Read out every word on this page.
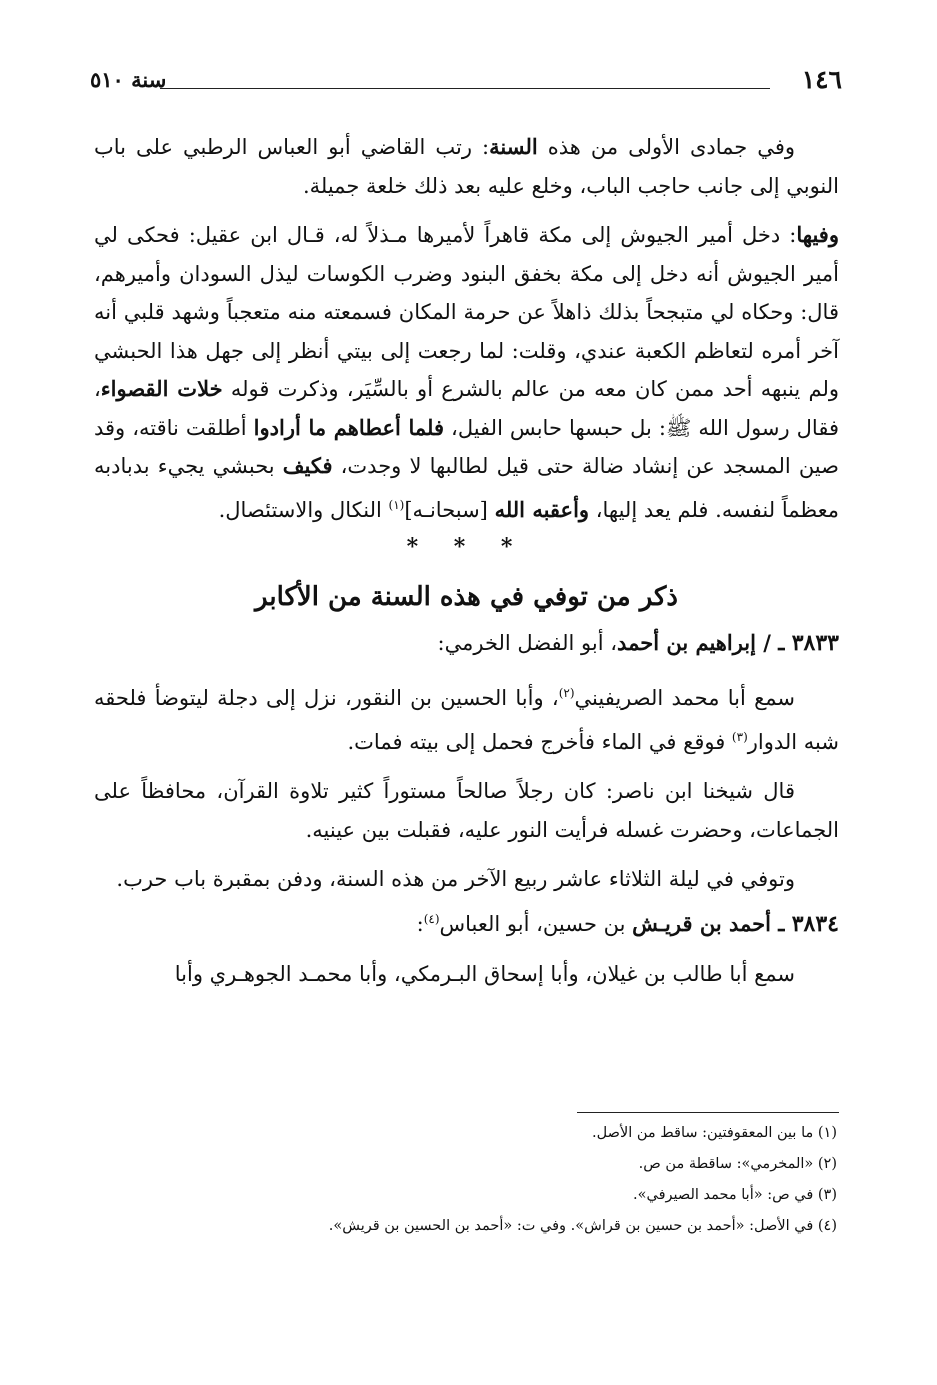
١٤٦
سنة ٥١٠

وفي جمادى الأولى من هذه السنة: رتب القاضي أبو العباس الرطبي على باب النوبي إلى جانب حاجب الباب، وخلع عليه بعد ذلك خلعة جميلة.

وفيها: دخل أمير الجيوش إلى مكة قاهراً لأميرها مـذلاً له، قـال ابن عقيل: فحكى لي أمير الجيوش أنه دخل إلى مكة بخفق البنود وضرب الكوسات ليذل السودان وأميرهم، قال: وحكاه لي متبجحاً بذلك ذاهلاً عن حرمة المكان فسمعته منه متعجباً وشهد قلبي أنه آخر أمره لتعاظم الكعبة عندي، وقلت: لما رجعت إلى بيتي أنظر إلى جهل هذا الحبشي ولم ينبهه أحد ممن كان معه من عالم بالشرع أو بالسِّيَر، وذكرت قوله خلات القصواء، فقال رسول الله ﷺ: بل حبسها حابس الفيل، فلما أعطاهم ما أرادوا أطلقت ناقته، وقد صين المسجد عن إنشاد ضالة حتى قيل لطالبها لا وجدت، فكيف بحبشي يجيء بدبادبه معظماً لنفسه. فلم يعد إليها، وأعقبه الله [سبحانـه]$^{(١)}$ النكال والاستئصال.

* * *

ذكر من توفي في هذه السنة من الأكابر

٣٨٣٣ ـ / إبراهيم بن أحمد، أبو الفضل الخرمي:

سمع أبا محمد الصريفيني$^{(٢)}$، وأبا الحسين بن النقور، نزل إلى دجلة ليتوضأ فلحقه شبه الدوار$^{(٣)}$ فوقع في الماء فأخرج فحمل إلى بيته فمات.

قال شيخنا ابن ناصر: كان رجلاً صالحاً مستوراً كثير تلاوة القرآن، محافظاً على الجماعات، وحضرت غسله فرأيت النور عليه، فقبلت بين عينيه.

وتوفي في ليلة الثلاثاء عاشر ربيع الآخر من هذه السنة، ودفن بمقبرة باب حرب.

٣٨٣٤ ـ أحمد بن قريـش بن حسين، أبو العباس$^{(٤)}$:

سمع أبا طالب بن غيلان، وأبا إسحاق البـرمكي، وأبا محمـد الجوهـري وأبا

(١) ما بين المعقوفتين: ساقط من الأصل.
(٢) «المخرمي»: ساقطة من ص.
(٣) في ص: «أبا محمد الصيرفي».
(٤) في الأصل: «أحمد بن حسين بن قراش». وفي ت: «أحمد بن الحسين بن قريش».
